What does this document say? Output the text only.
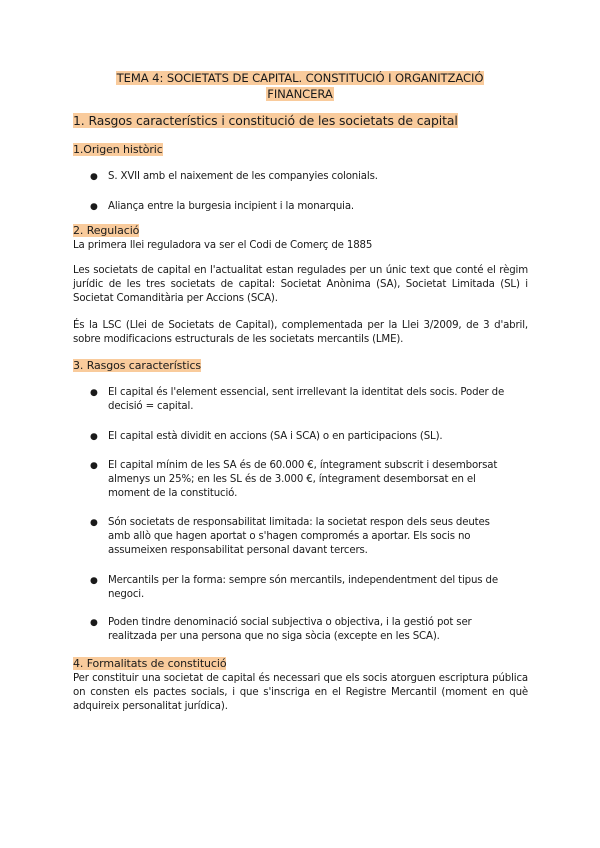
TEMA 4: SOCIETATS DE CAPITAL. CONSTITUCIÓ I ORGANITZACIÓ
FINANCERA
1. Rasgos característics i constitució de les societats de capital
1.Origen històric
●	S. XVII amb el naixement de les companyies colonials.
●	Aliança entre la burgesia incipient i la monarquia.
2. Regulació
La primera llei reguladora va ser el Codi de Comerç de 1885
Les societats de capital en l'actualitat estan regulades per un únic text que conté el règim jurídic de les tres societats de capital: Societat Anònima (SA), Societat Limitada (SL) i Societat Comanditària per Accions (SCA).
És la LSC (Llei de Societats de Capital), complementada per la Llei 3/2009, de 3 d'abril, sobre modificacions estructurals de les societats mercantils (LME).
3. Rasgos característics
●	El capital és l'element essencial, sent irrellevant la identitat dels socis. Poder de decisió = capital.
●	El capital està dividit en accions (SA i SCA) o en participacions (SL).
●	El capital mínim de les SA és de 60.000 €, íntegrament subscrit i desemborsat almenys un 25%; en les SL és de 3.000 €, íntegrament desemborsat en el moment de la constitució.
●	Són societats de responsabilitat limitada: la societat respon dels seus deutes amb allò que hagen aportat o s'hagen compromés a aportar. Els socis no assumeixen responsabilitat personal davant tercers.
●	Mercantils per la forma: sempre són mercantils, independentment del tipus de negoci.
●	Poden tindre denominació social subjectiva o objectiva, i la gestió pot ser realitzada per una persona que no siga sòcia (excepte en les SCA).
4. Formalitats de constitució
Per constituir una societat de capital és necessari que els socis atorguen escriptura pública on consten els pactes socials, i que s'inscriga en el Registre Mercantil (moment en què adquireix personalitat jurídica).
